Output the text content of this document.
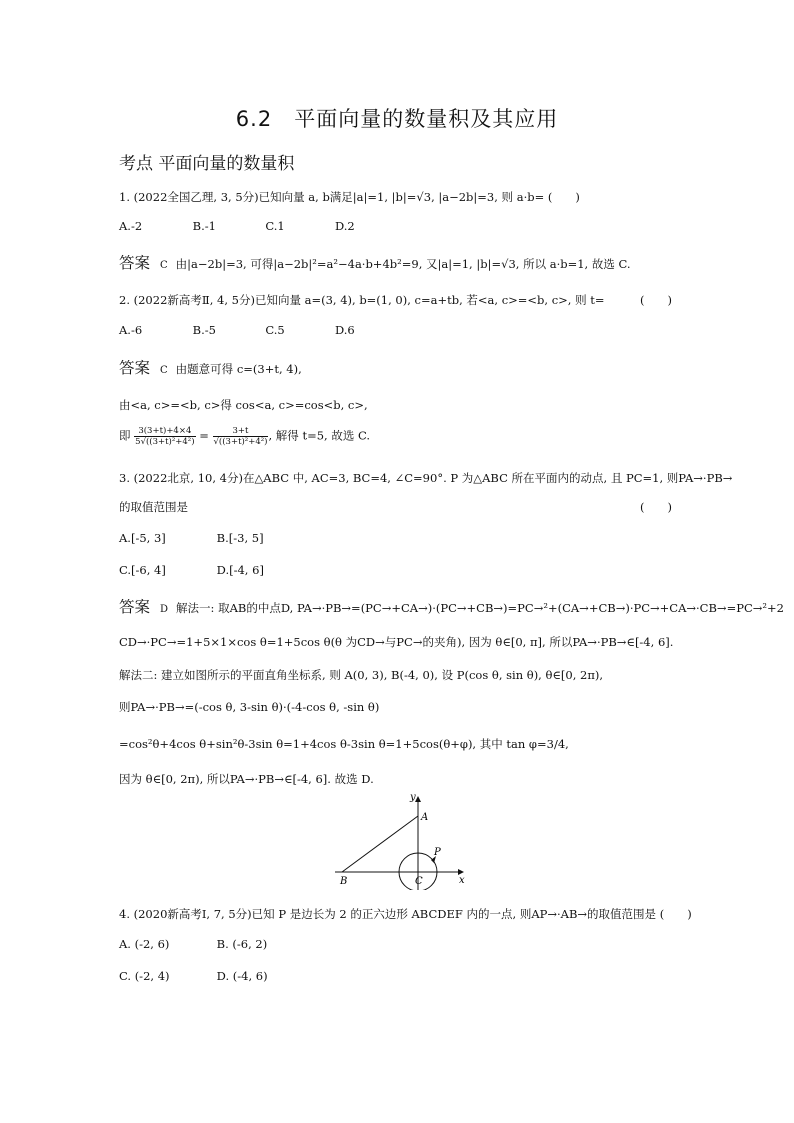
6.2　平面向量的数量积及其应用
考点 平面向量的数量积
1. (2022全国乙理, 3, 5分)已知向量 a, b满足|a|=1, |b|=√3, |a−2b|=3, 则 a·b= (　　)
A.-2	B.-1	C.1	D.2
答案 C 由|a−2b|=3, 可得|a−2b|²=a²−4a·b+4b²=9, 又|a|=1, |b|=√3, 所以 a·b=1, 故选 C.
2. (2022新高考Ⅱ, 4, 5分)已知向量 a=(3, 4), b=(1, 0), c=a+tb, 若<a, c>=<b, c>, 则 t=	(　　)
A.-6	B.-5	C.5	D.6
答案 C 由题意可得 c=(3+t, 4),
由<a, c>=<b, c>得 cos<a, c>=cos<b, c>,
即 $\frac{3(3+t)+4\times 4}{\text{5√((3+t)²+4²)}} = \frac{3+t}{\text{√((3+t)²+4²)}}$ , 解得 t=5, 故选 C.
3. (2022北京, 10, 4分)在△ABC 中, AC=3, BC=4, ∠C=90°. P 为△ABC 所在平面内的动点, 且 PC=1, 则PA→·PB→
的取值范围是	(　　)
A.[-5, 3]	B.[-3, 5]
C.[-6, 4]	D.[-4, 6]
答案 D 解法一: 取AB的中点D, PA→·PB→=(PC→+CA→)·(PC→+CB→)=PC→²+(CA→+CB→)·PC→+CA→·CB→=PC→²+2
CD→·PC→=1+5×1×cos θ=1+5cos θ(θ 为CD→与PC→的夹角), 因为 θ∈[0, π], 所以PA→·PB→∈[-4, 6].
解法二: 建立如图所示的平面直角坐标系, 则 A(0, 3), B(-4, 0), 设 P(cos θ, sin θ), θ∈[0, 2π),
则PA→·PB→=(-cos θ, 3-sin θ)·(-4-cos θ, -sin θ)
=cos²θ+4cos θ+sin²θ-3sin θ=1+4cos θ-3sin θ=1+5cos(θ+φ), 其中 tan φ=3/4,
因为 θ∈[0, 2π), 所以PA→·PB→∈[-4, 6]. 故选 D.
y
x
A
B	C
P
4. (2020新高考Ⅰ, 7, 5分)已知 P 是边长为 2 的正六边形 ABCDEF 内的一点, 则AP→·AB→的取值范围是 (　　)
A. (-2, 6)	B. (-6, 2)
C. (-2, 4)	D. (-4, 6)
